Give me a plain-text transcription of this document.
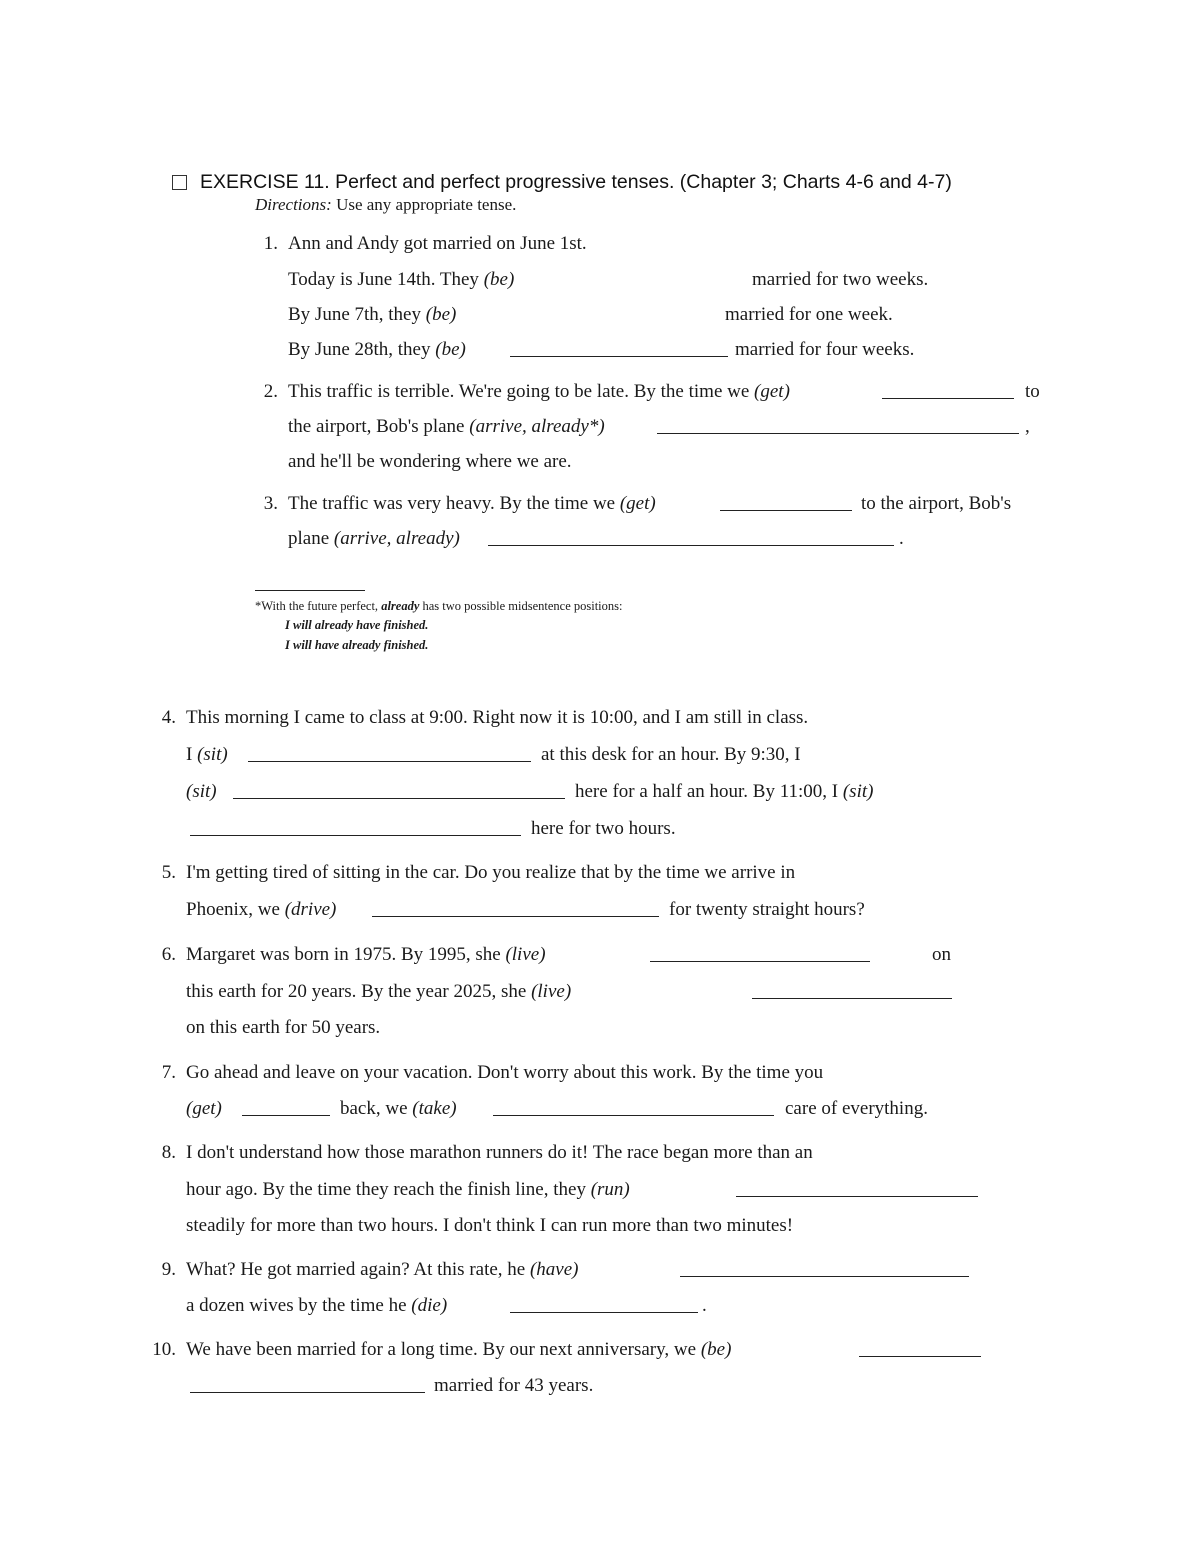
EXERCISE 11. Perfect and perfect progressive tenses. (Chapter 3; Charts 4-6 and 4-7)
Directions: Use any appropriate tense.
1. Ann and Andy got married on June 1st.
Today is June 14th. They (be)	married for two weeks.
By June 7th, they (be)	married for one week.
By June 28th, they (be)	married for four weeks.
2. This traffic is terrible. We're going to be late. By the time we (get)	to
the airport, Bob's plane (arrive, already*)	,
and he'll be wondering where we are.
3. The traffic was very heavy. By the time we (get)	to the airport, Bob's
plane (arrive, already)	.
*With the future perfect, already has two possible midsentence positions:
I will already have finished.
I will have already finished.
4. This morning I came to class at 9:00. Right now it is 10:00, and I am still in class.
I (sit)	at this desk for an hour. By 9:30, I
(sit)	here for a half an hour. By 11:00, I (sit)
here for two hours.
5. I'm getting tired of sitting in the car. Do you realize that by the time we arrive in
Phoenix, we (drive)	for twenty straight hours?
6. Margaret was born in 1975. By 1995, she (live)	on
this earth for 20 years. By the year 2025, she (live)
on this earth for 50 years.
7. Go ahead and leave on your vacation. Don't worry about this work. By the time you
(get)	back, we (take)	care of everything.
8. I don't understand how those marathon runners do it! The race began more than an
hour ago. By the time they reach the finish line, they (run)
steadily for more than two hours. I don't think I can run more than two minutes!
9. What? He got married again? At this rate, he (have)
a dozen wives by the time he (die)	.
10. We have been married for a long time. By our next anniversary, we (be)
married for 43 years.
